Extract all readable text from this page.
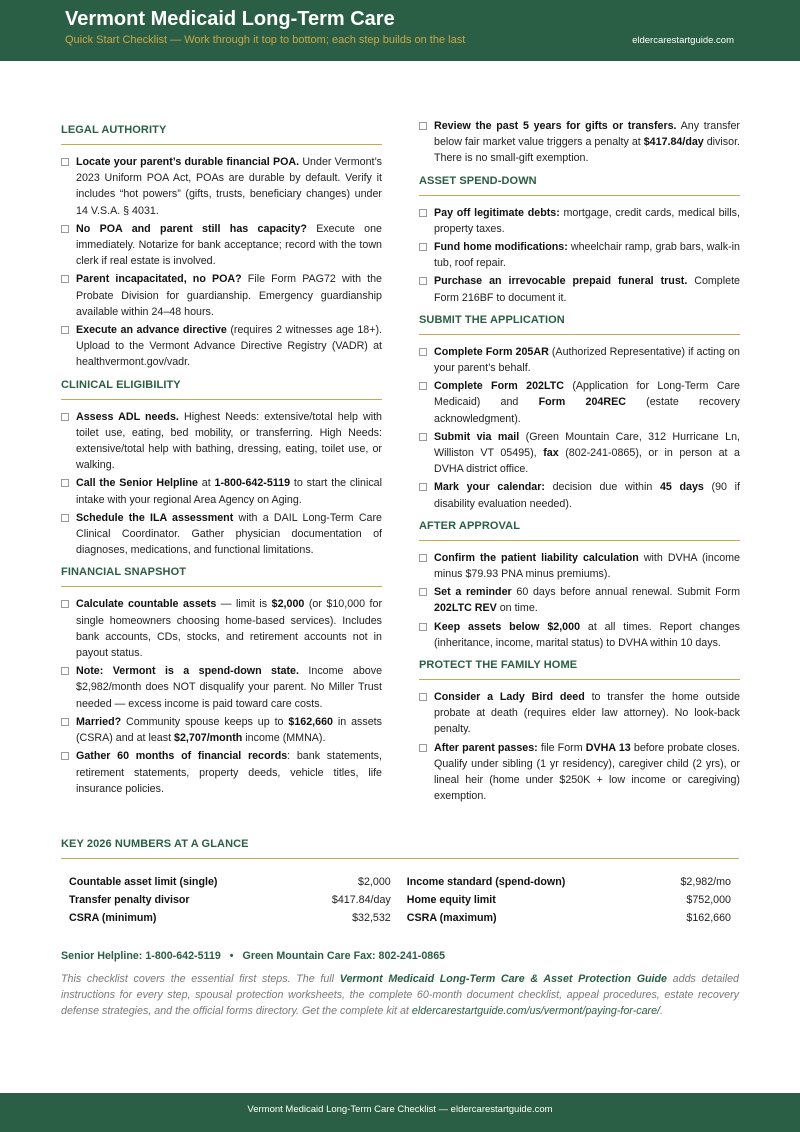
Vermont Medicaid Long-Term Care
Quick Start Checklist — Work through it top to bottom; each step builds on the last	eldercarestartguide.com
LEGAL AUTHORITY
Locate your parent’s durable financial POA. Under Vermont’s 2023 Uniform POA Act, POAs are durable by default. Verify it includes “hot powers” (gifts, trusts, beneficiary changes) under 14 V.S.A. § 4031.
No POA and parent still has capacity? Execute one immediately. Notarize for bank acceptance; record with the town clerk if real estate is involved.
Parent incapacitated, no POA? File Form PAG72 with the Probate Division for guardianship. Emergency guardianship available within 24–48 hours.
Execute an advance directive (requires 2 witnesses age 18+). Upload to the Vermont Advance Directive Registry (VADR) at healthvermont.gov/vadr.
CLINICAL ELIGIBILITY
Assess ADL needs. Highest Needs: extensive/total help with toilet use, eating, bed mobility, or transferring. High Needs: extensive/total help with bathing, dressing, eating, toilet use, or walking.
Call the Senior Helpline at 1-800-642-5119 to start the clinical intake with your regional Area Agency on Aging.
Schedule the ILA assessment with a DAIL Long-Term Care Clinical Coordinator. Gather physician documentation of diagnoses, medications, and functional limitations.
FINANCIAL SNAPSHOT
Calculate countable assets — limit is $2,000 (or $10,000 for single homeowners choosing home-based services). Includes bank accounts, CDs, stocks, and retirement accounts not in payout status.
Note: Vermont is a spend-down state. Income above $2,982/month does NOT disqualify your parent. No Miller Trust needed — excess income is paid toward care costs.
Married? Community spouse keeps up to $162,660 in assets (CSRA) and at least $2,707/month income (MMNA).
Gather 60 months of financial records: bank statements, retirement statements, property deeds, vehicle titles, life insurance policies.
Review the past 5 years for gifts or transfers. Any transfer below fair market value triggers a penalty at $417.84/day divisor. There is no small-gift exemption.
ASSET SPEND-DOWN
Pay off legitimate debts: mortgage, credit cards, medical bills, property taxes.
Fund home modifications: wheelchair ramp, grab bars, walk-in tub, roof repair.
Purchase an irrevocable prepaid funeral trust. Complete Form 216BF to document it.
SUBMIT THE APPLICATION
Complete Form 205AR (Authorized Representative) if acting on your parent’s behalf.
Complete Form 202LTC (Application for Long-Term Care Medicaid) and Form 204REC (estate recovery acknowledgment).
Submit via mail (Green Mountain Care, 312 Hurricane Ln, Williston VT 05495), fax (802-241-0865), or in person at a DVHA district office.
Mark your calendar: decision due within 45 days (90 if disability evaluation needed).
AFTER APPROVAL
Confirm the patient liability calculation with DVHA (income minus $79.93 PNA minus premiums).
Set a reminder 60 days before annual renewal. Submit Form 202LTC REV on time.
Keep assets below $2,000 at all times. Report changes (inheritance, income, marital status) to DVHA within 10 days.
PROTECT THE FAMILY HOME
Consider a Lady Bird deed to transfer the home outside probate at death (requires elder law attorney). No look-back penalty.
After parent passes: file Form DVHA 13 before probate closes. Qualify under sibling (1 yr residency), caregiver child (2 yrs), or lineal heir (home under $250K + low income or caregiving) exemption.
KEY 2026 NUMBERS AT A GLANCE
Countable asset limit (single)	$2,000	Income standard (spend-down)	$2,982/mo
Transfer penalty divisor	$417.84/day	Home equity limit	$752,000
CSRA (minimum)	$32,532	CSRA (maximum)	$162,660
Senior Helpline: 1-800-642-5119 • Green Mountain Care Fax: 802-241-0865
This checklist covers the essential first steps. The full Vermont Medicaid Long-Term Care & Asset Protection Guide adds detailed instructions for every step, spousal protection worksheets, the complete 60-month document checklist, appeal procedures, estate recovery defense strategies, and the official forms directory. Get the complete kit at eldercarestartguide.com/us/vermont/paying-for-care/.
Vermont Medicaid Long-Term Care Checklist — eldercarestartguide.com
